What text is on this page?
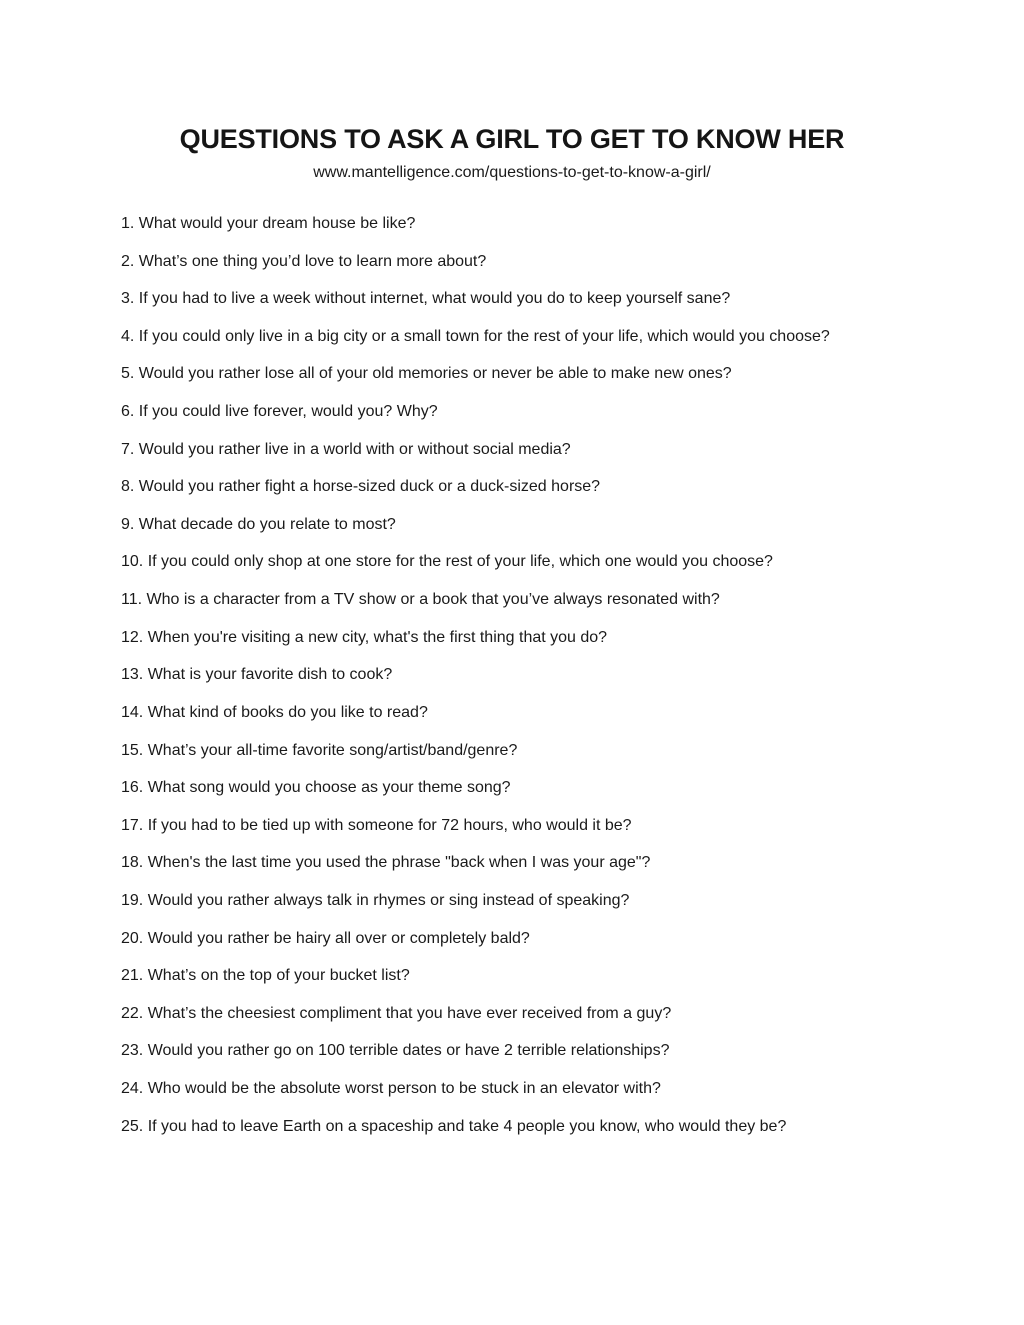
QUESTIONS TO ASK A GIRL TO GET TO KNOW HER
www.mantelligence.com/questions-to-get-to-know-a-girl/
1. What would your dream house be like?
2. What’s one thing you’d love to learn more about?
3. If you had to live a week without internet, what would you do to keep yourself sane?
4. If you could only live in a big city or a small town for the rest of your life, which would you choose?
5. Would you rather lose all of your old memories or never be able to make new ones?
6. If you could live forever, would you? Why?
7. Would you rather live in a world with or without social media?
8. Would you rather fight a horse-sized duck or a duck-sized horse?
9. What decade do you relate to most?
10. If you could only shop at one store for the rest of your life, which one would you choose?
11. Who is a character from a TV show or a book that you’ve always resonated with?
12. When you're visiting a new city, what's the first thing that you do?
13. What is your favorite dish to cook?
14. What kind of books do you like to read?
15. What’s your all-time favorite song/artist/band/genre?
16. What song would you choose as your theme song?
17. If you had to be tied up with someone for 72 hours, who would it be?
18. When's the last time you used the phrase "back when I was your age"?
19. Would you rather always talk in rhymes or sing instead of speaking?
20. Would you rather be hairy all over or completely bald?
21. What’s on the top of your bucket list?
22. What’s the cheesiest compliment that you have ever received from a guy?
23. Would you rather go on 100 terrible dates or have 2 terrible relationships?
24. Who would be the absolute worst person to be stuck in an elevator with?
25. If you had to leave Earth on a spaceship and take 4 people you know, who would they be?
